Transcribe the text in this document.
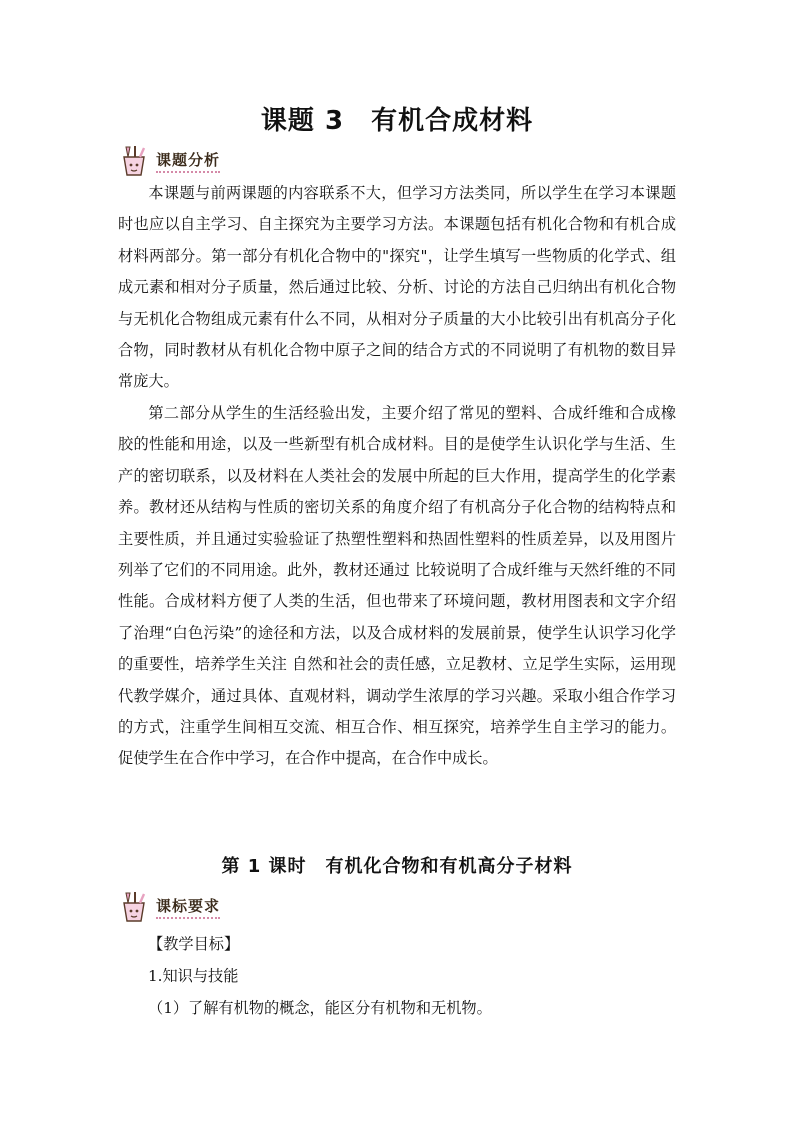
课题 3　有机合成材料
课题分析

本课题与前两课题的内容联系不大，但学习方法类同，所以学生在学习本课题时也应以自主学习、自主探究为主要学习方法。本课题包括有机化合物和有机合成材料两部分。第一部分有机化合物中的"探究"，让学生填写一些物质的化学式、组成元素和相对分子质量，然后通过比较、分析、讨论的方法自己归纳出有机化合物与无机化合物组成元素有什么不同，从相对分子质量的大小比较引出有机高分子化合物，同时教材从有机化合物中原子之间的结合方式的不同说明了有机物的数目异常庞大。

第二部分从学生的生活经验出发，主要介绍了常见的塑料、合成纤维和合成橡胶的性能和用途，以及一些新型有机合成材料。目的是使学生认识化学与生活、生产的密切联系，以及材料在人类社会的发展中所起的巨大作用，提高学生的化学素养。教材还从结构与性质的密切关系的角度介绍了有机高分子化合物的结构特点和主要性质，并且通过实验验证了热塑性塑料和热固性塑料的性质差异，以及用图片列举了它们的不同用途。此外，教材还通过 比较说明了合成纤维与天然纤维的不同性能。合成材料方便了人类的生活，但也带来了环境问题，教材用图表和文字介绍了治理“白色污染”的途径和方法，以及合成材料的发展前景，使学生认识学习化学的重要性，培养学生关注 自然和社会的责任感，立足教材、立足学生实际，运用现代教学媒介，通过具体、直观材料，调动学生浓厚的学习兴趣。采取小组合作学习的方式，注重学生间相互交流、相互合作、相互探究，培养学生自主学习的能力。促使学生在合作中学习，在合作中提高，在合作中成长。

第 1 课时　有机化合物和有机高分子材料
课标要求

【教学目标】

1.知识与技能

（1）了解有机物的概念，能区分有机物和无机物。
